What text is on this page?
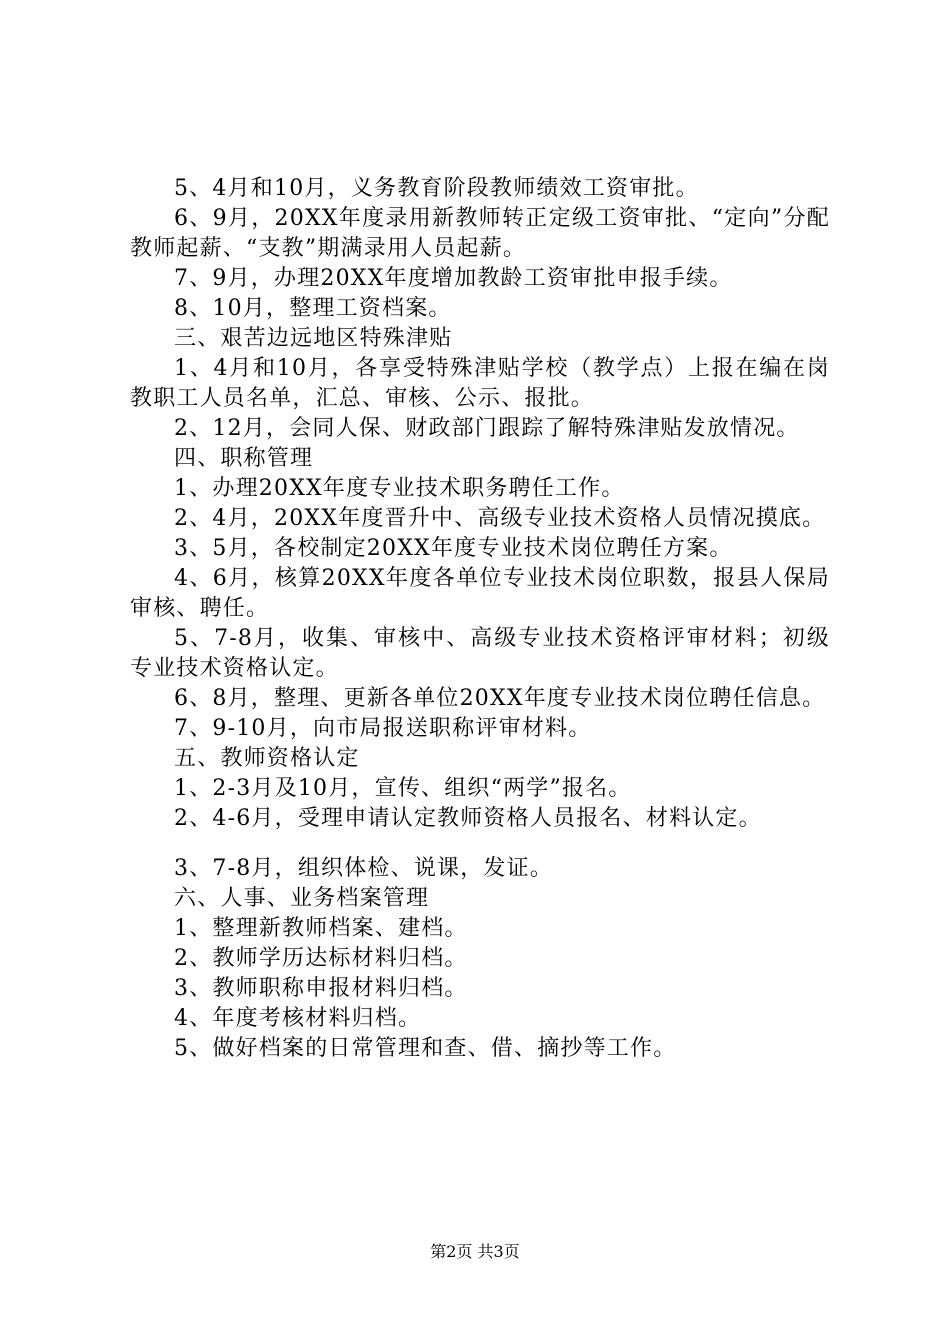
5、4月和10月，义务教育阶段教师绩效工资审批。

6、9月，20XX年度录用新教师转正定级工资审批、“定向”分配教师起薪、“支教”期满录用人员起薪。

7、9月，办理20XX年度增加教龄工资审批申报手续。

8、10月，整理工资档案。

三、艰苦边远地区特殊津贴

1、4月和10月，各享受特殊津贴学校（教学点）上报在编在岗教职工人员名单，汇总、审核、公示、报批。

2、12月，会同人保、财政部门跟踪了解特殊津贴发放情况。

四、职称管理

1、办理20XX年度专业技术职务聘任工作。

2、4月，20XX年度晋升中、高级专业技术资格人员情况摸底。

3、5月，各校制定20XX年度专业技术岗位聘任方案。

4、6月，核算20XX年度各单位专业技术岗位职数，报县人保局审核、聘任。

5、7-8月，收集、审核中、高级专业技术资格评审材料；初级专业技术资格认定。

6、8月，整理、更新各单位20XX年度专业技术岗位聘任信息。

7、9-10月，向市局报送职称评审材料。

五、教师资格认定

1、2-3月及10月，宣传、组织“两学”报名。

2、4-6月，受理申请认定教师资格人员报名、材料认定。

3、7-8月，组织体检、说课，发证。

六、人事、业务档案管理

1、整理新教师档案、建档。

2、教师学历达标材料归档。

3、教师职称申报材料归档。

4、年度考核材料归档。

5、做好档案的日常管理和查、借、摘抄等工作。

第2页 共3页
